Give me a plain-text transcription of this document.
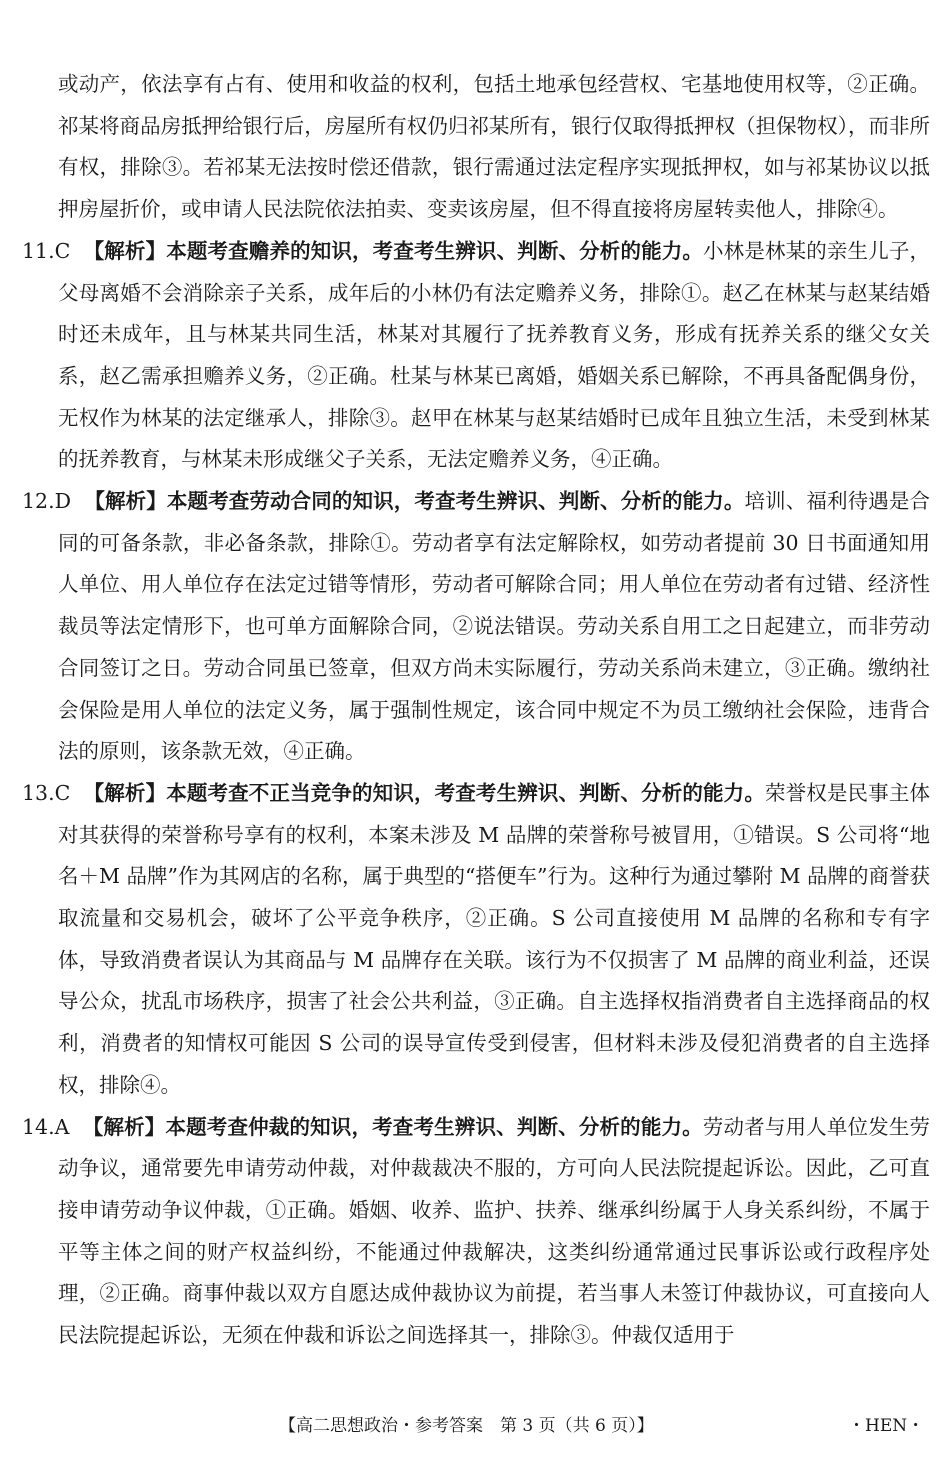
或动产，依法享有占有、使用和收益的权利，包括土地承包经营权、宅基地使用权等，②正确。祁某将商品房抵押给银行后，房屋所有权仍归祁某所有，银行仅取得抵押权（担保物权），而非所有权，排除③。若祁某无法按时偿还借款，银行需通过法定程序实现抵押权，如与祁某协议以抵押房屋折价，或申请人民法院依法拍卖、变卖该房屋，但不得直接将房屋转卖他人，排除④。

11.C 【解析】本题考查赡养的知识，考查考生辨识、判断、分析的能力。小林是林某的亲生儿子，父母离婚不会消除亲子关系，成年后的小林仍有法定赡养义务，排除①。赵乙在林某与赵某结婚时还未成年，且与林某共同生活，林某对其履行了抚养教育义务，形成有抚养关系的继父女关系，赵乙需承担赡养义务，②正确。杜某与林某已离婚，婚姻关系已解除，不再具备配偶身份，无权作为林某的法定继承人，排除③。赵甲在林某与赵某结婚时已成年且独立生活，未受到林某的抚养教育，与林某未形成继父子关系，无法定赡养义务，④正确。
12.D 【解析】本题考查劳动合同的知识，考查考生辨识、判断、分析的能力。培训、福利待遇是合同的可备条款，非必备条款，排除①。劳动者享有法定解除权，如劳动者提前 30 日书面通知用人单位、用人单位存在法定过错等情形，劳动者可解除合同；用人单位在劳动者有过错、经济性裁员等法定情形下，也可单方面解除合同，②说法错误。劳动关系自用工之日起建立，而非劳动合同签订之日。劳动合同虽已签章，但双方尚未实际履行，劳动关系尚未建立，③正确。缴纳社会保险是用人单位的法定义务，属于强制性规定，该合同中规定不为员工缴纳社会保险，违背合法的原则，该条款无效，④正确。
13.C 【解析】本题考查不正当竞争的知识，考查考生辨识、判断、分析的能力。荣誉权是民事主体对其获得的荣誉称号享有的权利，本案未涉及 M 品牌的荣誉称号被冒用，①错误。S 公司将“地名＋M 品牌”作为其网店的名称，属于典型的“搭便车”行为。这种行为通过攀附 M 品牌的商誉获取流量和交易机会，破坏了公平竞争秩序，②正确。S 公司直接使用 M 品牌的名称和专有字体，导致消费者误认为其商品与 M 品牌存在关联。该行为不仅损害了 M 品牌的商业利益，还误导公众，扰乱市场秩序，损害了社会公共利益，③正确。自主选择权指消费者自主选择商品的权利，消费者的知情权可能因 S 公司的误导宣传受到侵害，但材料未涉及侵犯消费者的自主选择权，排除④。
14.A 【解析】本题考查仲裁的知识，考查考生辨识、判断、分析的能力。劳动者与用人单位发生劳动争议，通常要先申请劳动仲裁，对仲裁裁决不服的，方可向人民法院提起诉讼。因此，乙可直接申请劳动争议仲裁，①正确。婚姻、收养、监护、扶养、继承纠纷属于人身关系纠纷，不属于平等主体之间的财产权益纠纷，不能通过仲裁解决，这类纠纷通常通过民事诉讼或行政程序处理，②正确。商事仲裁以双方自愿达成仲裁协议为前提，若当事人未签订仲裁协议，可直接向人民法院提起诉讼，无须在仲裁和诉讼之间选择其一，排除③。仲裁仅适用于
【高二思想政治・参考答案　第 3 页（共 6 页）】	・HEN・
